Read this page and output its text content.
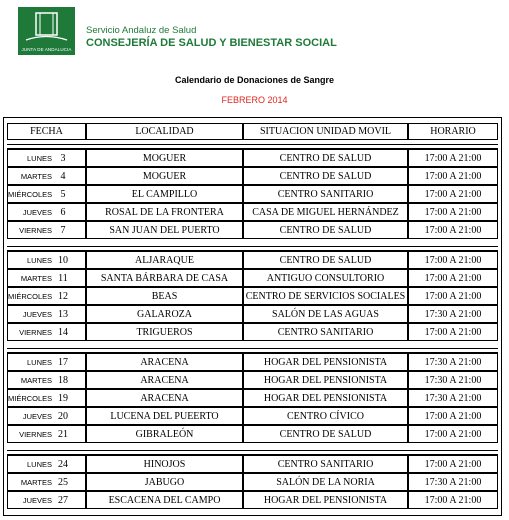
JUNTA DE ANDALUCIA
Servicio Andaluz de Salud
CONSEJERÍA DE SALUD Y BIENESTAR SOCIAL
Calendario de Donaciones de Sangre
FEBRERO 2014
FECHA	LOCALIDAD	SITUACION UNIDAD MOVIL	HORARIO
LUNES 3	MOGUER	CENTRO DE SALUD	17:00 A 21:00
MARTES 4	MOGUER	CENTRO DE SALUD	17:00 A 21:00
MIÉRCOLES 5	EL CAMPILLO	CENTRO SANITARIO	17:00 A 21:00
JUEVES 6	ROSAL DE LA FRONTERA	CASA DE MIGUEL HERNÁNDEZ	17:00 A 21:00
VIERNES 7	SAN JUAN DEL PUERTO	CENTRO DE SALUD	17:00 A 21:00
LUNES 10	ALJARAQUE	CENTRO DE SALUD	17:00 A 21:00
MARTES 11	SANTA BÁRBARA DE CASA	ANTIGUO CONSULTORIO	17:00 A 21:00
MIÉRCOLES 12	BEAS	CENTRO DE SERVICIOS SOCIALES	17:00 A 21:00
JUEVES 13	GALAROZA	SALÓN DE LAS AGUAS	17:30 A 21:00
VIERNES 14	TRIGUEROS	CENTRO SANITARIO	17:00 A 21:00
LUNES 17	ARACENA	HOGAR DEL PENSIONISTA	17:30 A 21:00
MARTES 18	ARACENA	HOGAR DEL PENSIONISTA	17:30 A 21:00
MIÉRCOLES 19	ARACENA	HOGAR DEL PENSIONISTA	17:30 A 21:00
JUEVES 20	LUCENA DEL PUEERTO	CENTRO CÍVICO	17:00 A 21:00
VIERNES 21	GIBRALEÓN	CENTRO DE SALUD	17:00 A 21:00
LUNES 24	HINOJOS	CENTRO SANITARIO	17:00 A 21:00
MARTES 25	JABUGO	SALÓN DE LA NORIA	17:30 A 21:00
JUEVES 27	ESCACENA DEL CAMPO	HOGAR DEL PENSIONISTA	17:00 A 21:00
